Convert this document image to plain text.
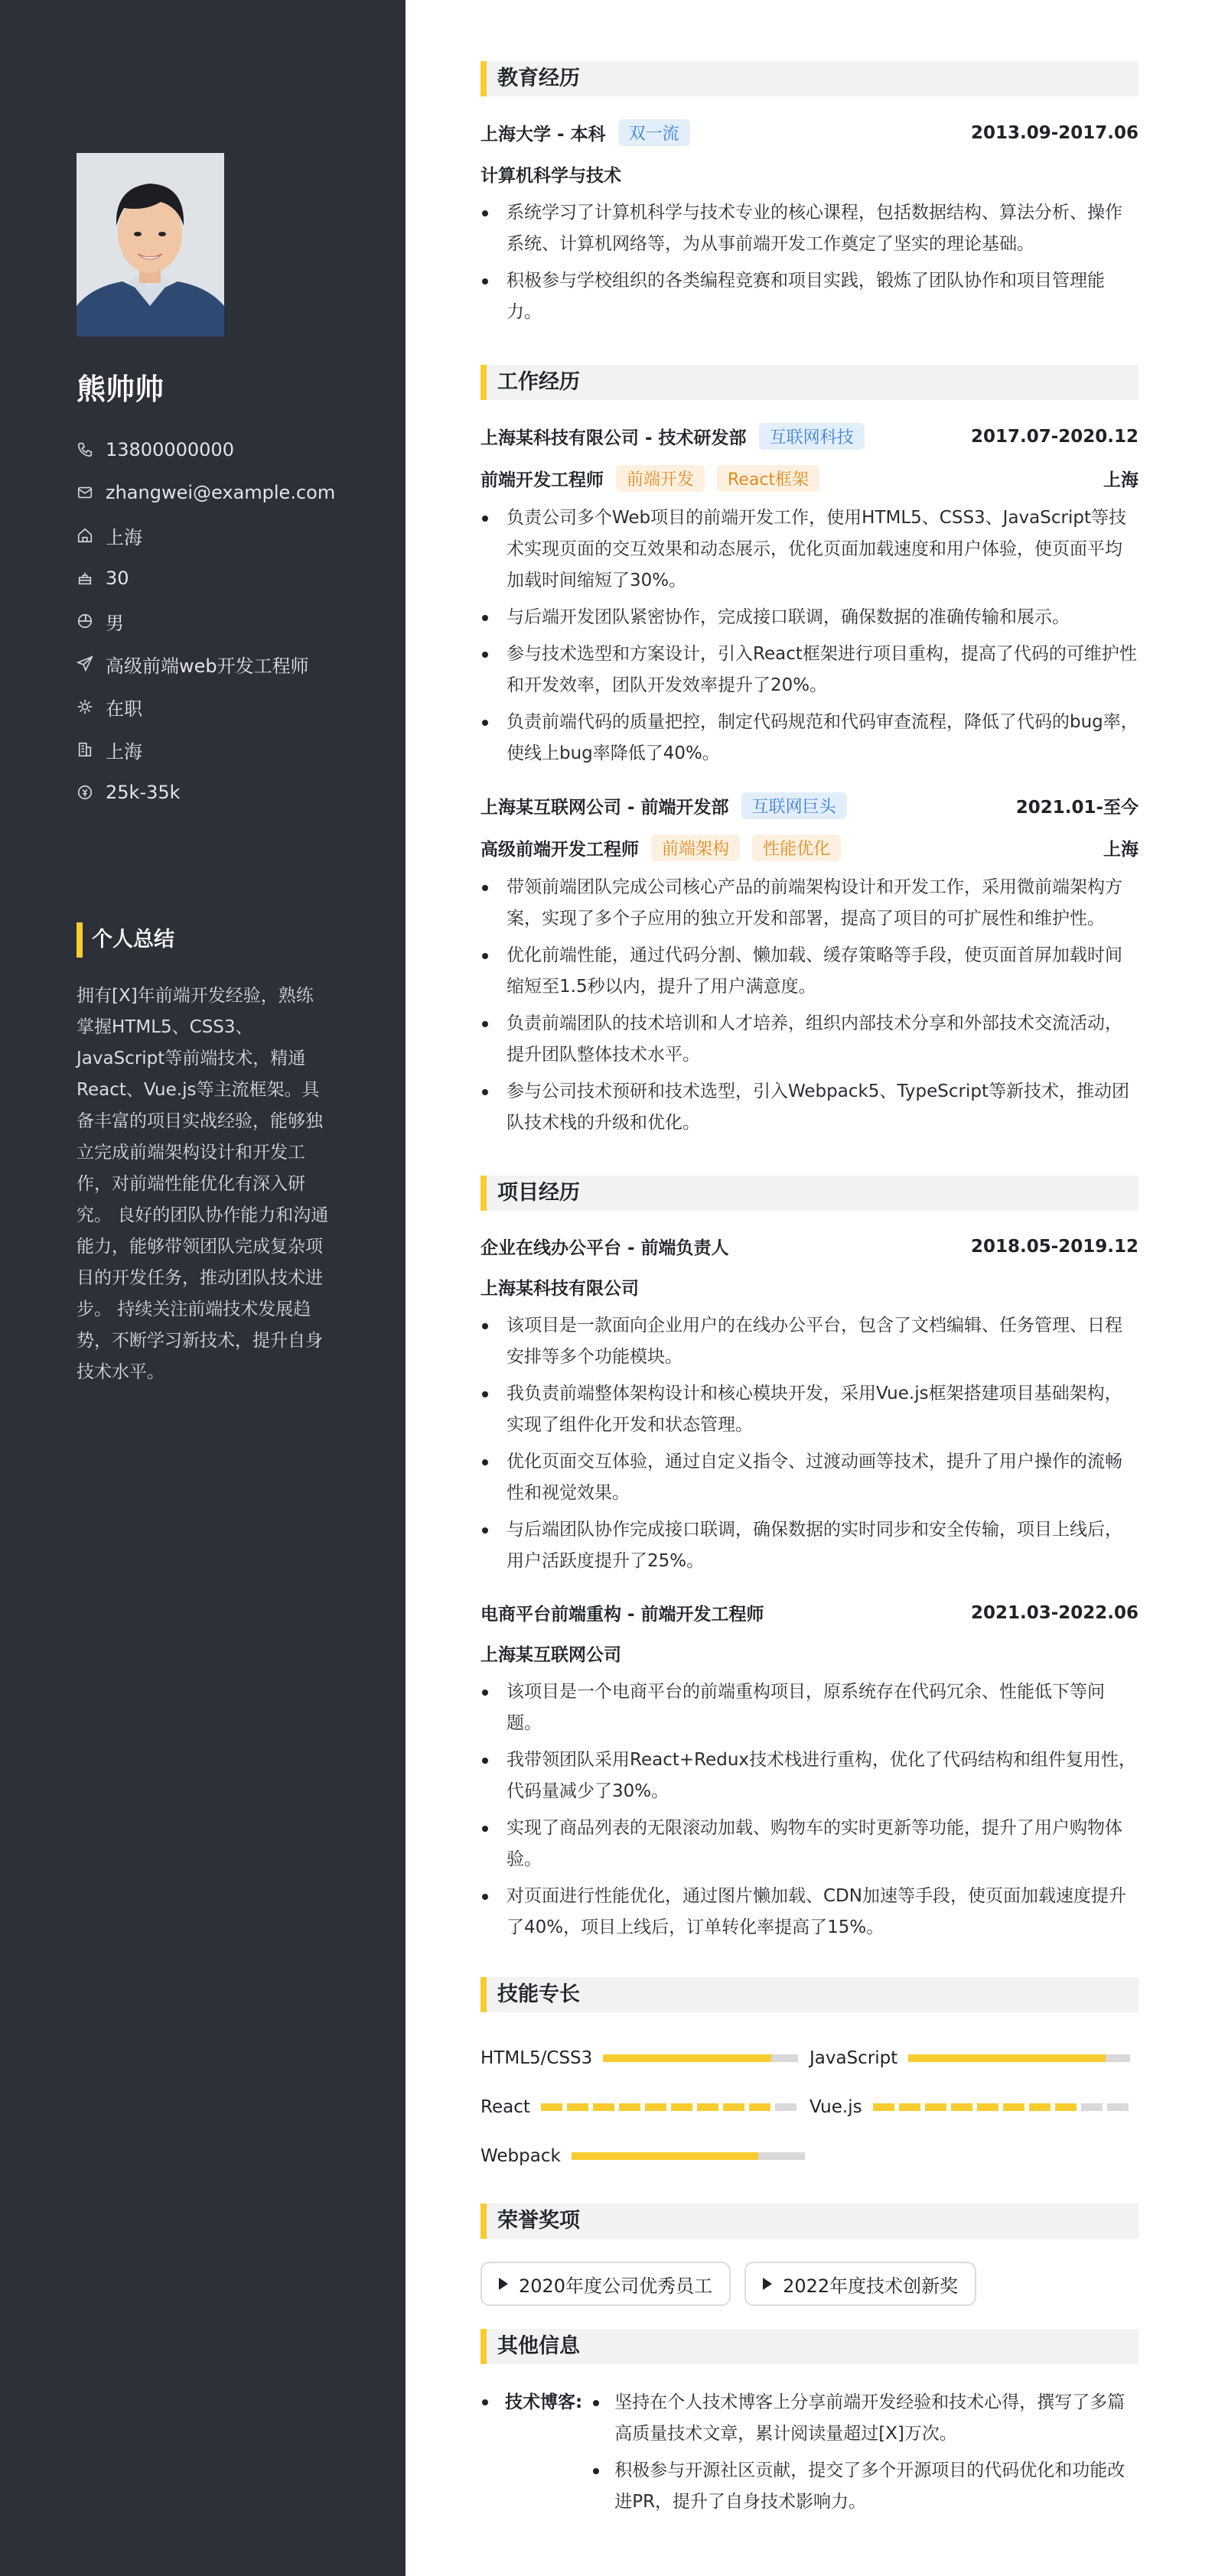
熊帅帅
13800000000
zhangwei@example.com
上海
30
男
高级前端web开发工程师
在职
上海
25k-35k
个人总结
拥有[X]年前端开发经验，熟练掌握HTML5、CSS3、JavaScript等前端技术，精通React、Vue.js等主流框架。具备丰富的项目实战经验，能够独立完成前端架构设计和开发工作，对前端性能优化有深入研究。 良好的团队协作能力和沟通能力，能够带领团队完成复杂项目的开发任务，推动团队技术进步。 持续关注前端技术发展趋势，不断学习新技术，提升自身技术水平。
教育经历
上海大学 - 本科	双一流	2013.09-2017.06
计算机科学与技术
系统学习了计算机科学与技术专业的核心课程，包括数据结构、算法分析、操作系统、计算机网络等，为从事前端开发工作奠定了坚实的理论基础。
积极参与学校组织的各类编程竞赛和项目实践，锻炼了团队协作和项目管理能力。
工作经历
上海某科技有限公司 - 技术研发部	互联网科技	2017.07-2020.12
前端开发工程师	前端开发	React框架	上海
负责公司多个Web项目的前端开发工作，使用HTML5、CSS3、JavaScript等技术实现页面的交互效果和动态展示，优化页面加载速度和用户体验，使页面平均加载时间缩短了30%。
与后端开发团队紧密协作，完成接口联调，确保数据的准确传输和展示。
参与技术选型和方案设计，引入React框架进行项目重构，提高了代码的可维护性和开发效率，团队开发效率提升了20%。
负责前端代码的质量把控，制定代码规范和代码审查流程，降低了代码的bug率，使线上bug率降低了40%。
上海某互联网公司 - 前端开发部	互联网巨头	2021.01-至今
高级前端开发工程师	前端架构	性能优化	上海
带领前端团队完成公司核心产品的前端架构设计和开发工作，采用微前端架构方案，实现了多个子应用的独立开发和部署，提高了项目的可扩展性和维护性。
优化前端性能，通过代码分割、懒加载、缓存策略等手段，使页面首屏加载时间缩短至1.5秒以内，提升了用户满意度。
负责前端团队的技术培训和人才培养，组织内部技术分享和外部技术交流活动，提升团队整体技术水平。
参与公司技术预研和技术选型，引入Webpack5、TypeScript等新技术，推动团队技术栈的升级和优化。
项目经历
企业在线办公平台 - 前端负责人	2018.05-2019.12
上海某科技有限公司
该项目是一款面向企业用户的在线办公平台，包含了文档编辑、任务管理、日程安排等多个功能模块。
我负责前端整体架构设计和核心模块开发，采用Vue.js框架搭建项目基础架构，实现了组件化开发和状态管理。
优化页面交互体验，通过自定义指令、过渡动画等技术，提升了用户操作的流畅性和视觉效果。
与后端团队协作完成接口联调，确保数据的实时同步和安全传输，项目上线后，用户活跃度提升了25%。
电商平台前端重构 - 前端开发工程师	2021.03-2022.06
上海某互联网公司
该项目是一个电商平台的前端重构项目，原系统存在代码冗余、性能低下等问题。
我带领团队采用React+Redux技术栈进行重构，优化了代码结构和组件复用性，代码量减少了30%。
实现了商品列表的无限滚动加载、购物车的实时更新等功能，提升了用户购物体验。
对页面进行性能优化，通过图片懒加载、CDN加速等手段，使页面加载速度提升了40%，项目上线后，订单转化率提高了15%。
技能专长
HTML5/CSS3	JavaScript
React	Vue.js
Webpack
荣誉奖项
2020年度公司优秀员工	2022年度技术创新奖
其他信息
技术博客:	坚持在个人技术博客上分享前端开发经验和技术心得，撰写了多篇高质量技术文章，累计阅读量超过[X]万次。
积极参与开源社区贡献，提交了多个开源项目的代码优化和功能改进PR，提升了自身技术影响力。
